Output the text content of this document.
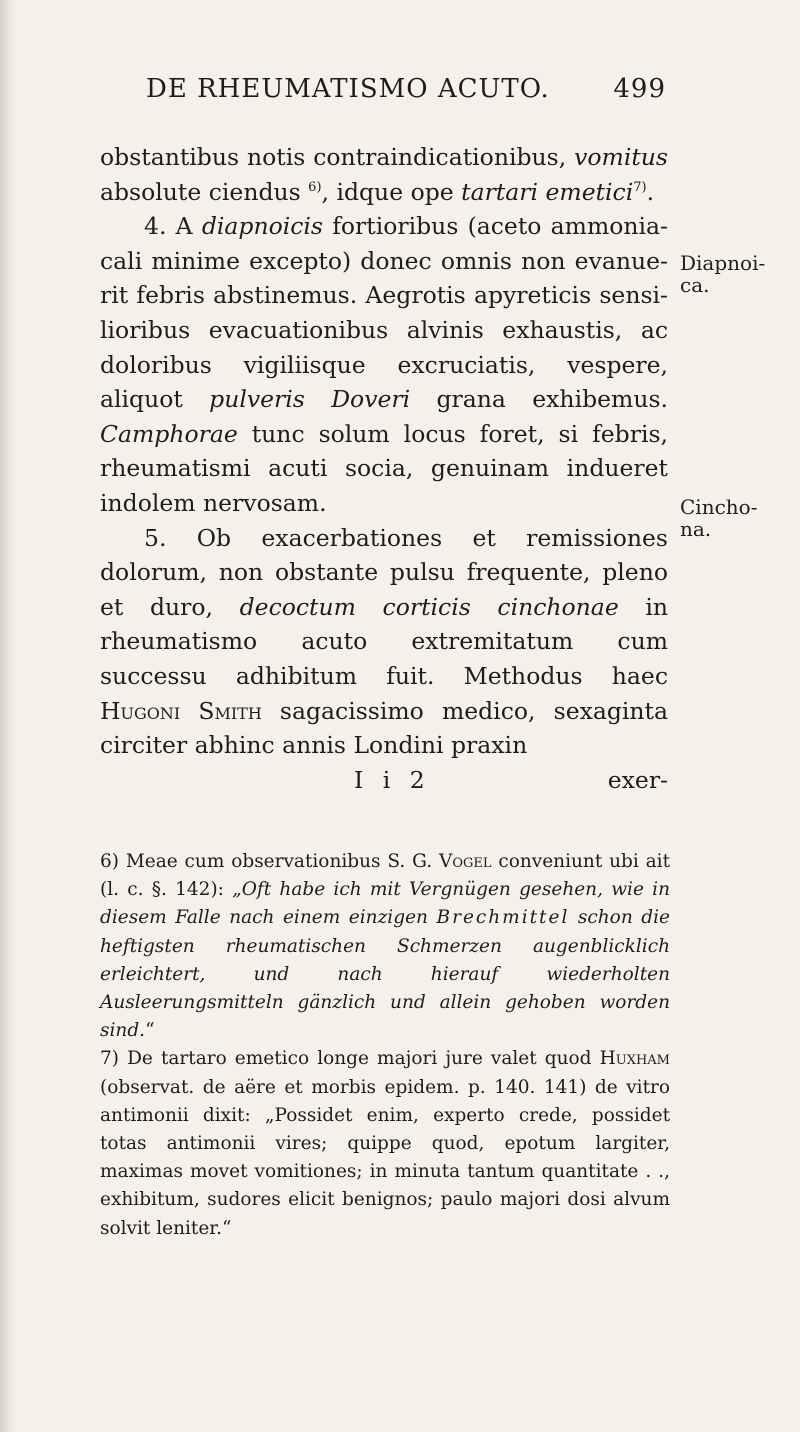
DE RHEUMATISMO ACUTO. 499

obstantibus notis contraindicationibus, vomitus absolute ciendus $^{6)}$, idque ope tartari emetici$^{7)}$.

4. A diapnoicis fortioribus (aceto ammoniacali minime excepto) donec omnis non evanuerit febris abstinemus. Aegrotis apyreticis sensilioribus evacuationibus alvinis exhaustis, ac doloribus vigiliisque excruciatis, vespere, aliquot pulveris Doveri grana exhibemus. Camphorae tunc solum locus foret, si febris, rheumatismi acuti socia, genuinam indueret indolem nervosam.

5. Ob exacerbationes et remissiones dolorum, non obstante pulsu frequente, pleno et duro, decoctum corticis cinchonae in rheumatismo acuto extremitatum cum successu adhibitum fuit. Methodus haec Hugoni Smith sagacissimo medico, sexaginta circiter abhinc annis Londini praxin

I i 2	exer-
Diapnoi-
ca.
Cincho-
na.

6) Meae cum observationibus S. G. Vogel conveniunt ubi ait (l. c. §. 142): „Oft habe ich mit Vergnügen gesehen, wie in diesem Falle nach einem einzigen Brechmittel schon die heftigsten rheumatischen Schmerzen augenblicklich erleichtert, und nach hierauf wiederholten Ausleerungsmitteln gänzlich und allein gehoben worden sind.“

7) De tartaro emetico longe majori jure valet quod Huxham (observat. de aëre et morbis epidem. p. 140. 141) de vitro antimonii dixit: „Possidet enim, experto crede, possidet totas antimonii vires; quippe quod, epotum largiter, maximas movet vomitiones; in minuta tantum quantitate . ., exhibitum, sudores elicit benignos; paulo majori dosi alvum solvit leniter.“
